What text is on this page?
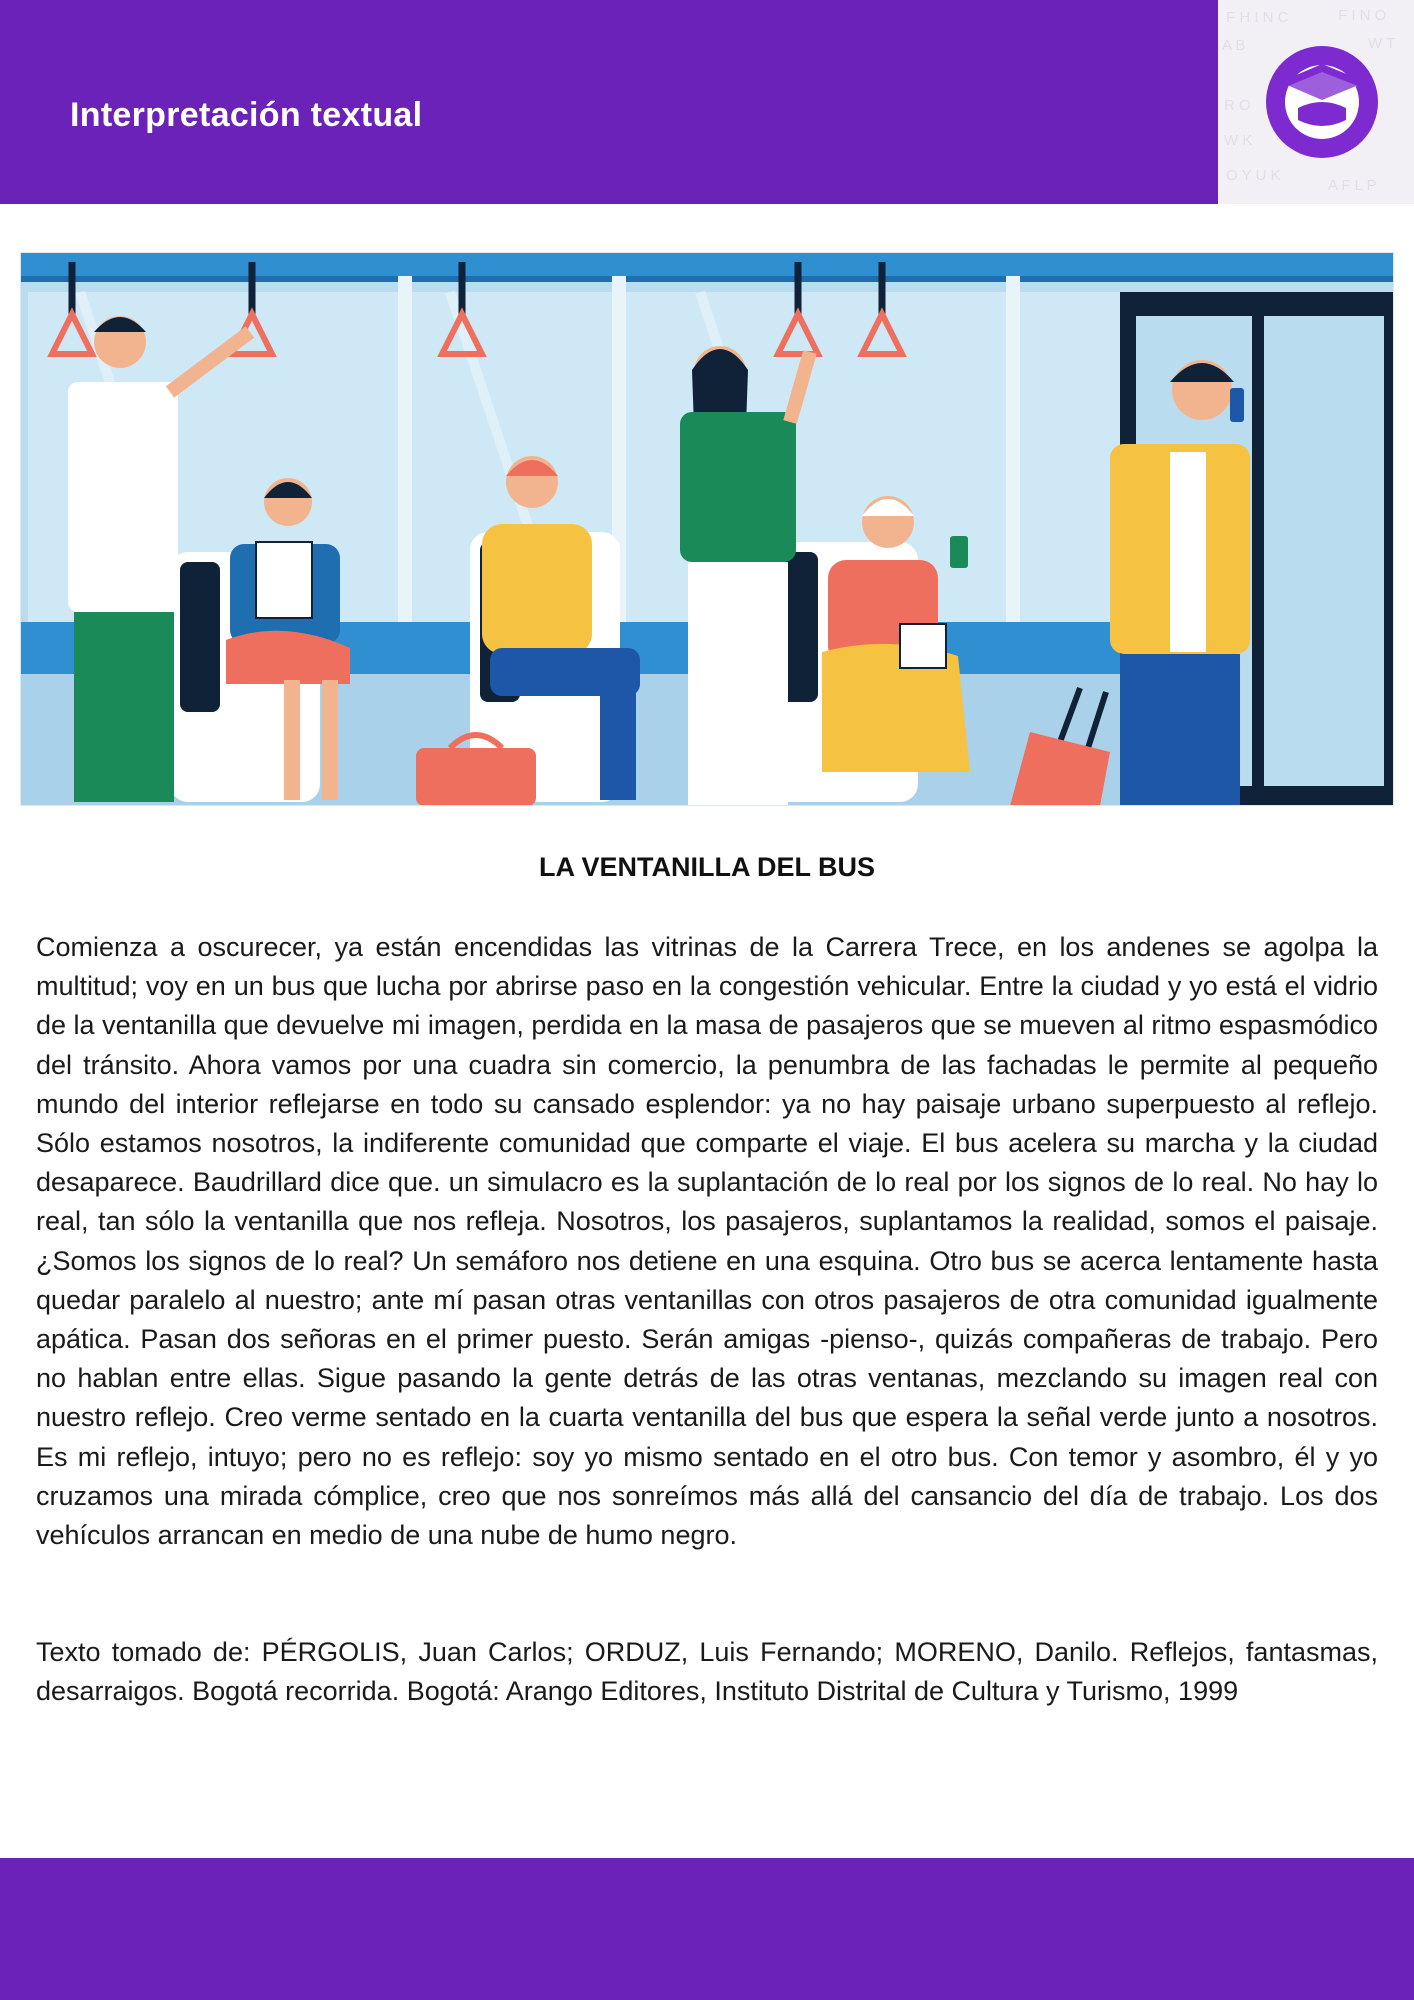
Interpretación textual
F H I N C	F I N O
A B	W T
R O
W K
O Y U K
A F L P
LA VENTANILLA DEL BUS

Comienza a oscurecer, ya están encendidas las vitrinas de la Carrera Trece, en los andenes se agolpa la multitud; voy en un bus que lucha por abrirse paso en la congestión vehicular. Entre la ciudad y yo está el vidrio de la ventanilla que devuelve mi imagen, perdida en la masa de pasajeros que se mueven al ritmo espasmódico del tránsito. Ahora vamos por una cuadra sin comercio, la penumbra de las fachadas le permite al pequeño mundo del interior reflejarse en todo su cansado esplendor: ya no hay paisaje urbano superpuesto al reflejo. Sólo estamos nosotros, la indiferente comunidad que comparte el viaje. El bus acelera su marcha y la ciudad desaparece. Baudrillard dice que. un simulacro es la suplantación de lo real por los signos de lo real. No hay lo real, tan sólo la ventanilla que nos refleja. Nosotros, los pasajeros, suplantamos la realidad, somos el paisaje. ¿Somos los signos de lo real? Un semáforo nos detiene en una esquina. Otro bus se acerca lentamente hasta quedar paralelo al nuestro; ante mí pasan otras ventanillas con otros pasajeros de otra comunidad igualmente apática. Pasan dos señoras en el primer puesto. Serán amigas -pienso-, quizás compañeras de trabajo. Pero no hablan entre ellas. Sigue pasando la gente detrás de las otras ventanas, mezclando su imagen real con nuestro reflejo. Creo verme sentado en la cuarta ventanilla del bus que espera la señal verde junto a nosotros. Es mi reflejo, intuyo; pero no es reflejo: soy yo mismo sentado en el otro bus. Con temor y asombro, él y yo cruzamos una mirada cómplice, creo que nos sonreímos más allá del cansancio del día de trabajo. Los dos vehículos arrancan en medio de una nube de humo negro.

Texto tomado de: PÉRGOLIS, Juan Carlos; ORDUZ, Luis Fernando; MORENO, Danilo. Reflejos, fantasmas, desarraigos. Bogotá recorrida. Bogotá: Arango Editores, Instituto Distrital de Cultura y Turismo, 1999
